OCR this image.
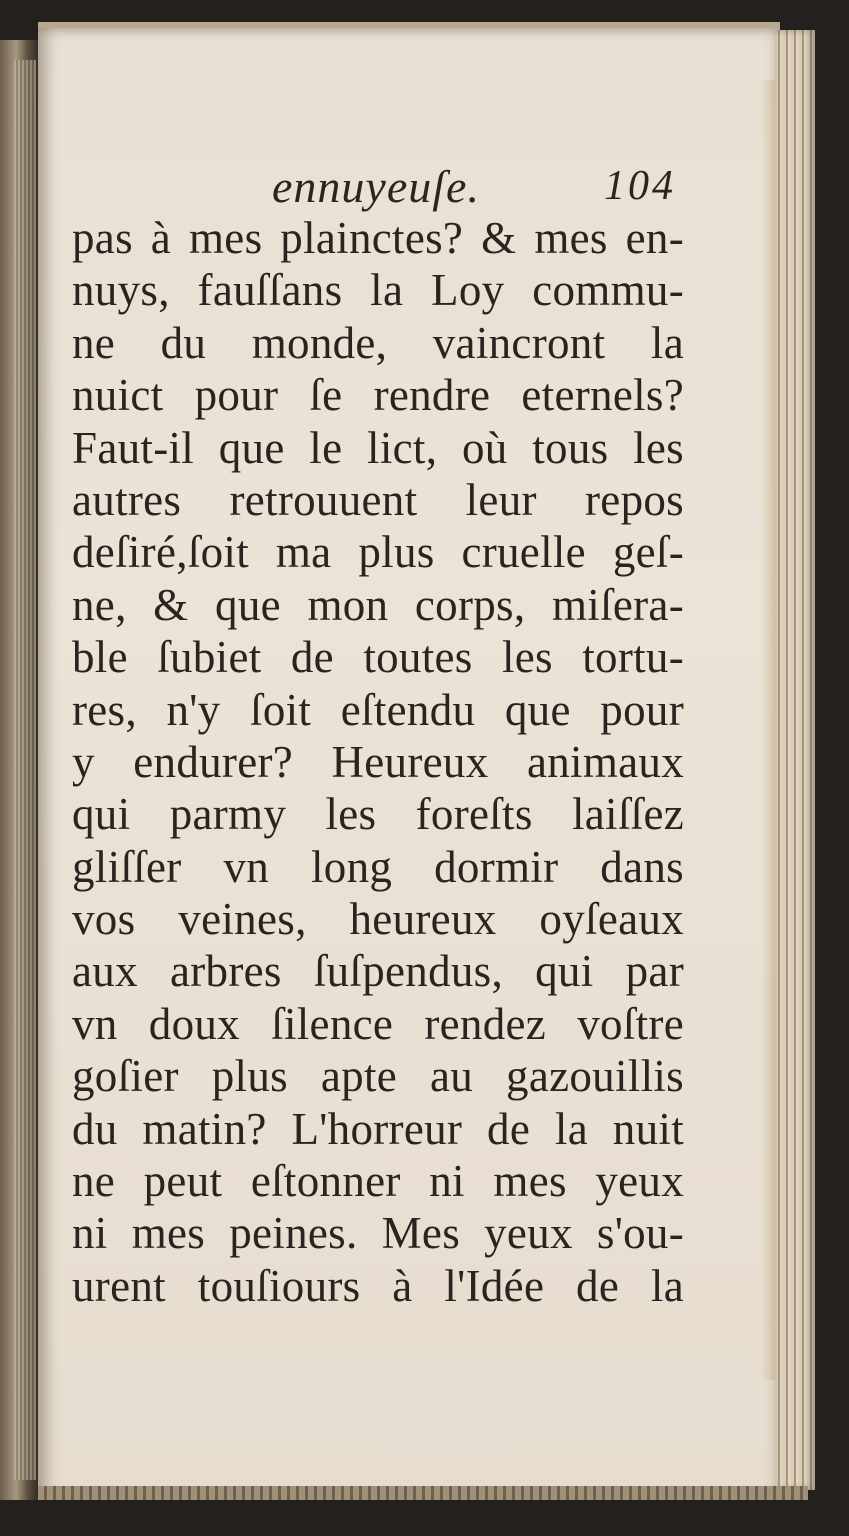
ennuyeuſe.	104
pas à mes plainctes? & mes en-
nuys, fauſſans la Loy commu-
ne du monde, vaincront la
nuict pour ſe rendre eternels?
Faut-il que le lict, où tous les
autres retrouuent leur repos
deſiré,ſoit ma plus cruelle geſ-
ne, & que mon corps, miſera-
ble ſubiet de toutes les tortu-
res, n'y ſoit eſtendu que pour
y endurer? Heureux animaux
qui parmy les foreſts laiſſez
gliſſer vn long dormir dans
vos veines, heureux oyſeaux
aux arbres ſuſpendus, qui par
vn doux ſilence rendez voſtre
goſier plus apte au gazouillis
du matin? L'horreur de la nuit
ne peut eſtonner ni mes yeux
ni mes peines. Mes yeux s'ou-
urent touſiours à l'Idée de la
